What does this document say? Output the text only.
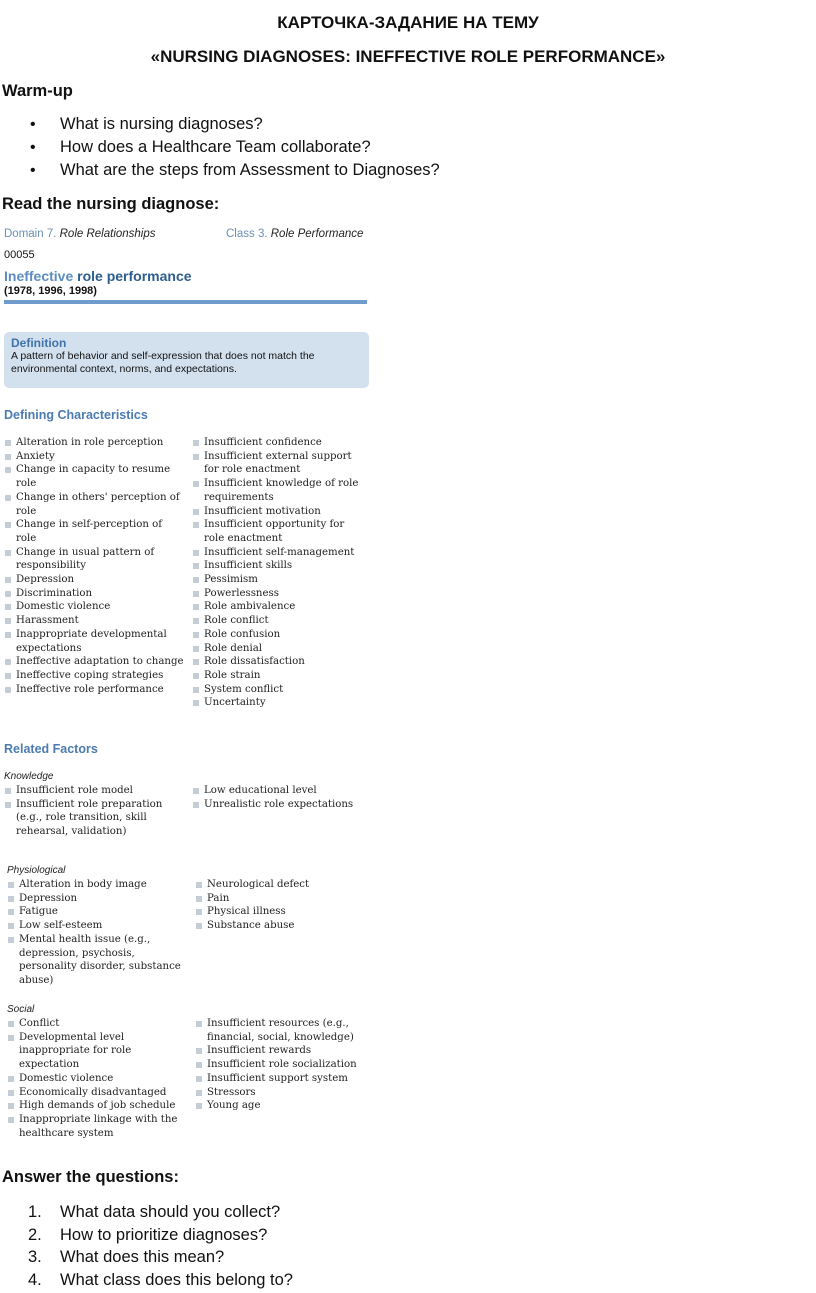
КАРТОЧКА-ЗАДАНИЕ НА ТЕМУ
«NURSING DIAGNOSES: INEFFECTIVE ROLE PERFORMANCE»
Warm-up
• What is nursing diagnoses?
• How does a Healthcare Team collaborate?
• What are the steps from Assessment to Diagnoses?
Read the nursing diagnose:
Domain 7. Role Relationships	Class 3. Role Performance
00055
Ineffective role performance
(1978, 1996, 1998)
Definition
A pattern of behavior and self-expression that does not match the environmental context, norms, and expectations.
Defining Characteristics
Alteration in role perception
Anxiety
Change in capacity to resume role
Change in others' perception of role
Change in self-perception of role
Change in usual pattern of responsibility
Depression
Discrimination
Domestic violence
Harassment
Inappropriate developmental expectations
Ineffective adaptation to change
Ineffective coping strategies
Ineffective role performance
Insufficient confidence
Insufficient external support for role enactment
Insufficient knowledge of role requirements
Insufficient motivation
Insufficient opportunity for role enactment
Insufficient self-management
Insufficient skills
Pessimism
Powerlessness
Role ambivalence
Role conflict
Role confusion
Role denial
Role dissatisfaction
Role strain
System conflict
Uncertainty
Related Factors
Knowledge
Insufficient role model
Insufficient role preparation (e.g., role transition, skill rehearsal, validation)
Low educational level
Unrealistic role expectations
Physiological
Alteration in body image
Depression
Fatigue
Low self-esteem
Mental health issue (e.g., depression, psychosis, personality disorder, substance abuse)
Neurological defect
Pain
Physical illness
Substance abuse
Social
Conflict
Developmental level inappropriate for role expectation
Domestic violence
Economically disadvantaged
High demands of job schedule
Inappropriate linkage with the healthcare system
Insufficient resources (e.g., financial, social, knowledge)
Insufficient rewards
Insufficient role socialization
Insufficient support system
Stressors
Young age
Answer the questions:
1. What data should you collect?
2. How to prioritize diagnoses?
3. What does this mean?
4. What class does this belong to?
